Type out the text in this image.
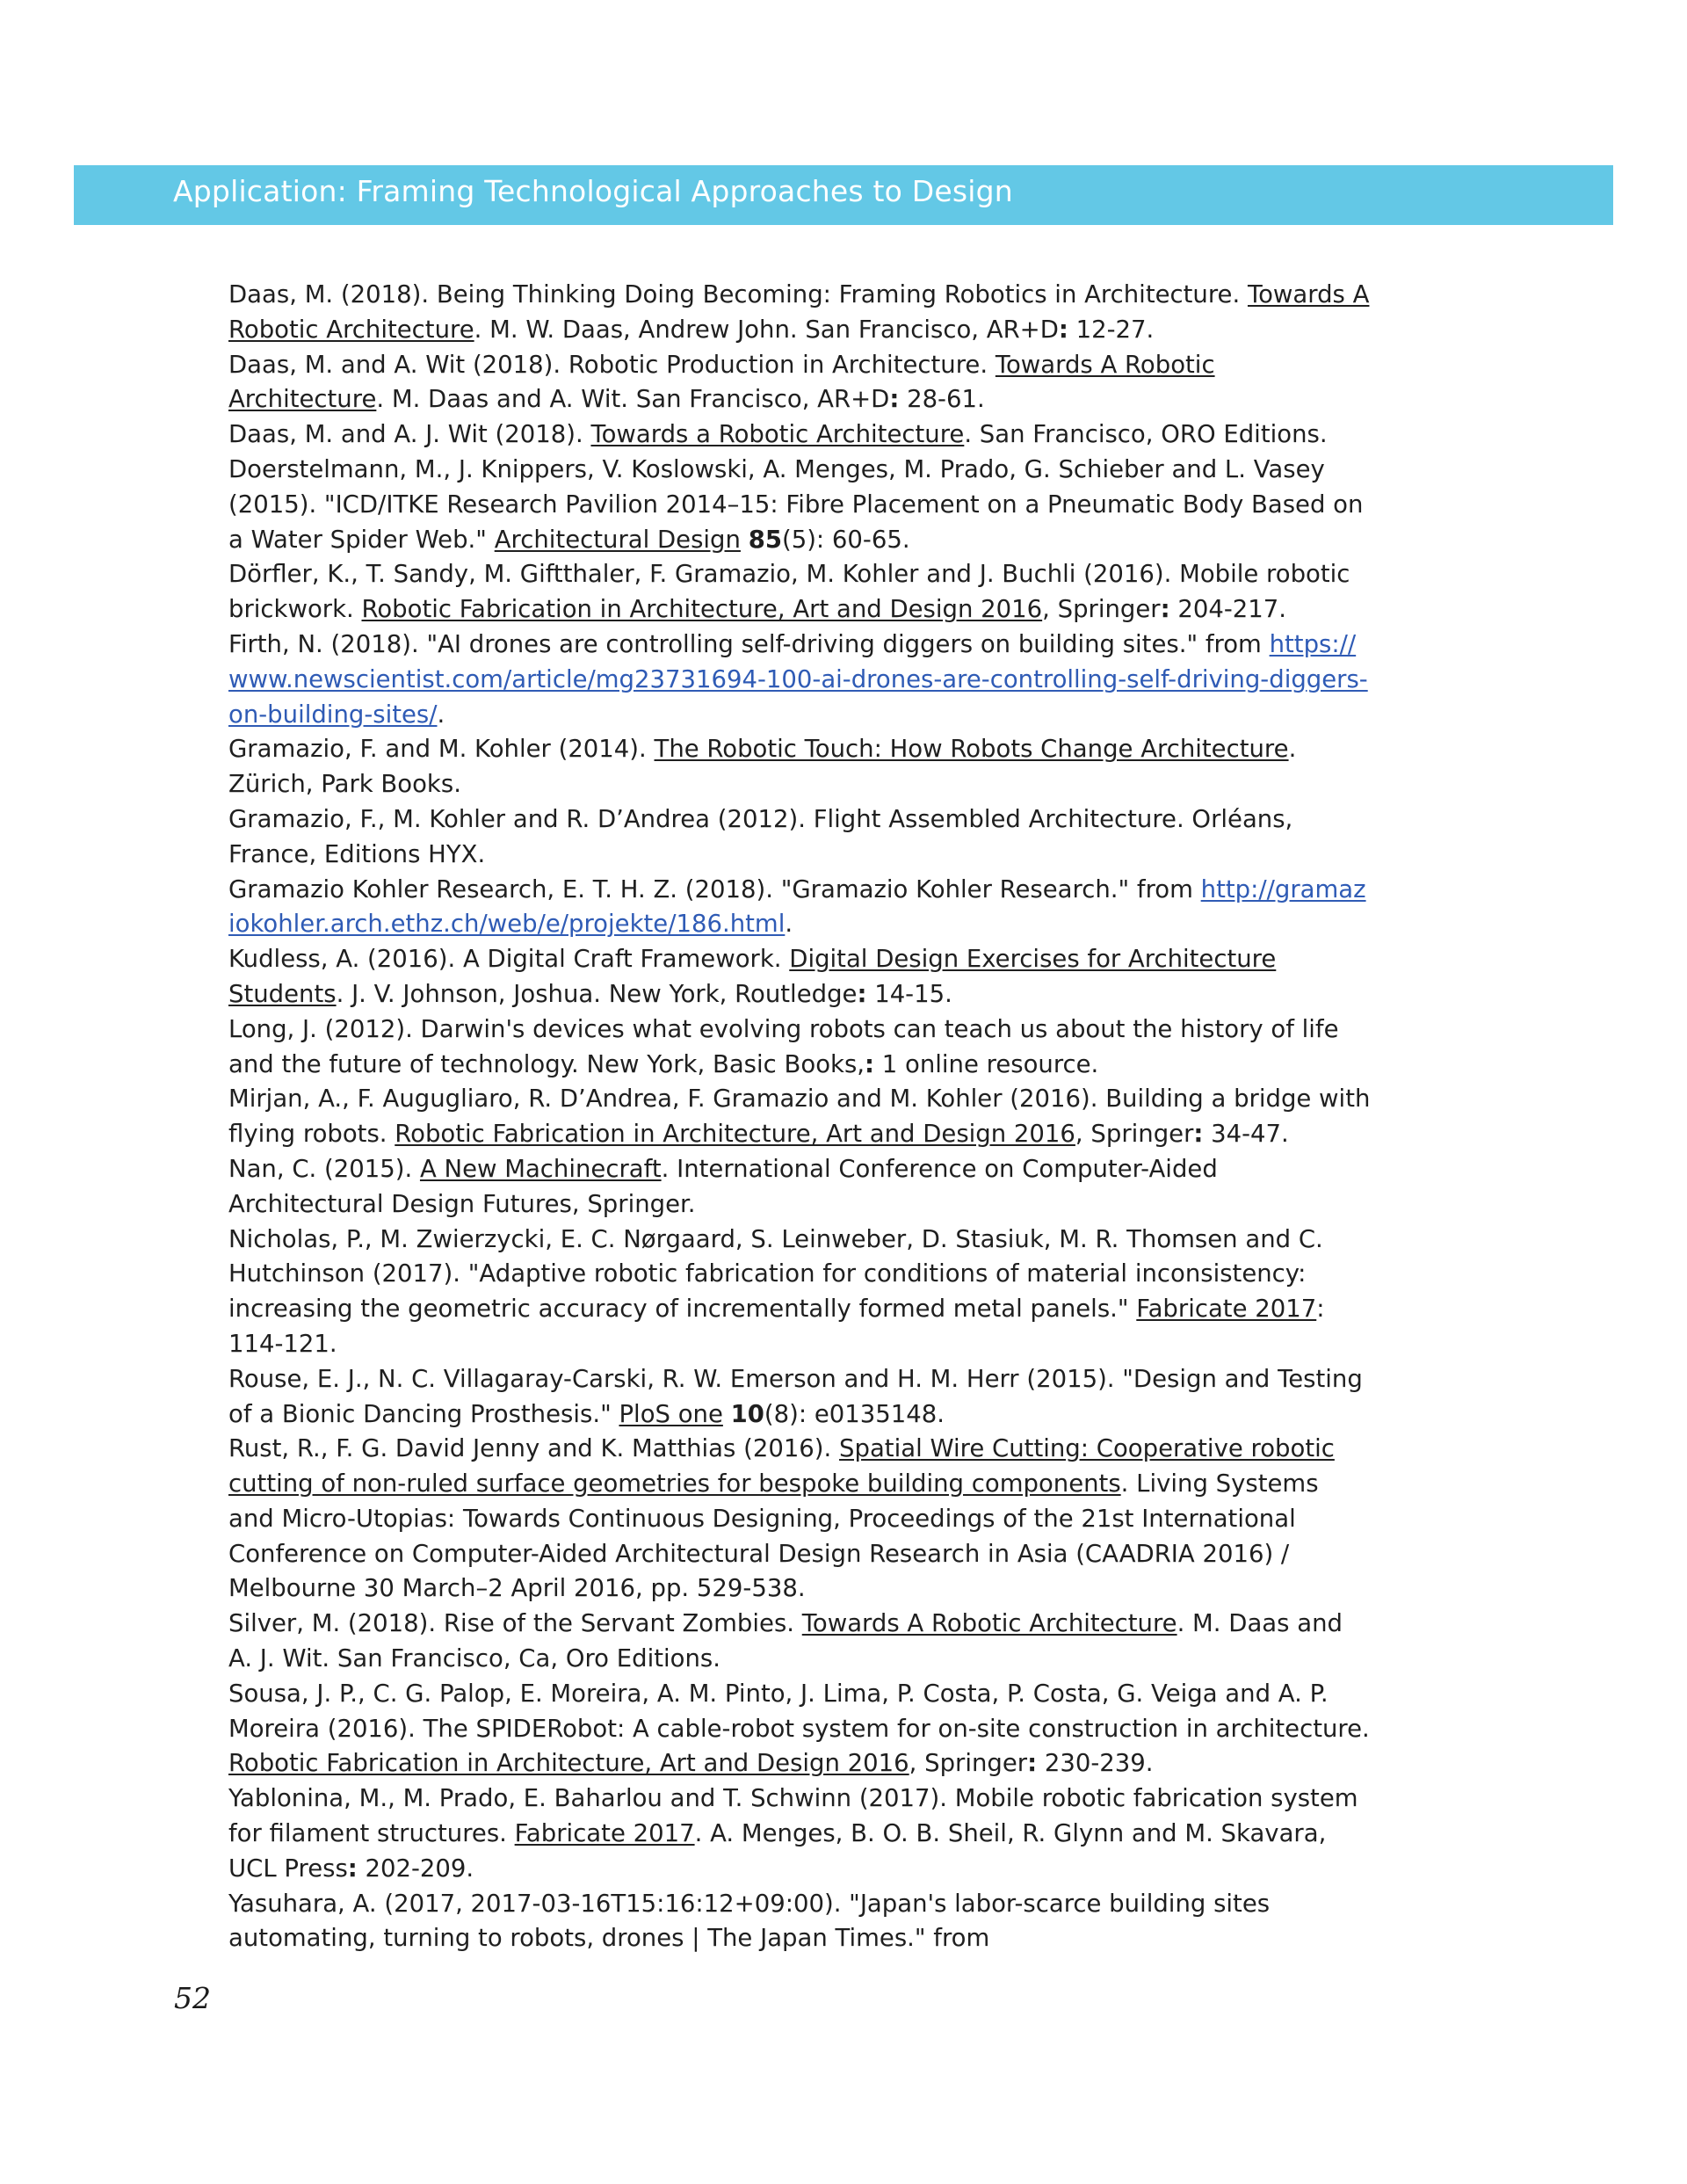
Application: Framing Technological Approaches to Design

Daas, M. (2018). Being Thinking Doing Becoming: Framing Robotics in Architecture. Towards A Robotic Architecture. M. W. Daas, Andrew John. San Francisco, AR+D: 12-27.

Daas, M. and A. Wit (2018). Robotic Production in Architecture. Towards A Robotic Architecture. M. Daas and A. Wit. San Francisco, AR+D: 28-61.

Daas, M. and A. J. Wit (2018). Towards a Robotic Architecture. San Francisco, ORO Editions.

Doerstelmann, M., J. Knippers, V. Koslowski, A. Menges, M. Prado, G. Schieber and L. Vasey (2015). "ICD/ITKE Research Pavilion 2014–15: Fibre Placement on a Pneumatic Body Based on a Water Spider Web." Architectural Design 85(5): 60-65.

Dörfler, K., T. Sandy, M. Giftthaler, F. Gramazio, M. Kohler and J. Buchli (2016). Mobile robotic brickwork. Robotic Fabrication in Architecture, Art and Design 2016, Springer: 204-217.

Firth, N. (2018). "AI drones are controlling self-driving diggers on building sites." from https://www.newscientist.com/article/mg23731694-100-ai-drones-are-controlling-self-driving-diggers-on-building-sites/.

Gramazio, F. and M. Kohler (2014). The Robotic Touch: How Robots Change Architecture. Zürich, Park Books.

Gramazio, F., M. Kohler and R. D’Andrea (2012). Flight Assembled Architecture. Orléans, France, Editions HYX.

Gramazio Kohler Research, E. T. H. Z. (2018). "Gramazio Kohler Research." from http://gramaziokohler.arch.ethz.ch/web/e/projekte/186.html.

Kudless, A. (2016). A Digital Craft Framework. Digital Design Exercises for Architecture Students. J. V. Johnson, Joshua. New York, Routledge: 14-15.

Long, J. (2012). Darwin's devices what evolving robots can teach us about the history of life and the future of technology. New York, Basic Books,: 1 online resource.

Mirjan, A., F. Augugliaro, R. D’Andrea, F. Gramazio and M. Kohler (2016). Building a bridge with flying robots. Robotic Fabrication in Architecture, Art and Design 2016, Springer: 34-47.

Nan, C. (2015). A New Machinecraft. International Conference on Computer-Aided Architectural Design Futures, Springer.

Nicholas, P., M. Zwierzycki, E. C. Nørgaard, S. Leinweber, D. Stasiuk, M. R. Thomsen and C. Hutchinson (2017). "Adaptive robotic fabrication for conditions of material inconsistency: increasing the geometric accuracy of incrementally formed metal panels." Fabricate 2017: 114-121.

Rouse, E. J., N. C. Villagaray-Carski, R. W. Emerson and H. M. Herr (2015). "Design and Testing of a Bionic Dancing Prosthesis." PloS one 10(8): e0135148.

Rust, R., F. G. David Jenny and K. Matthias (2016). Spatial Wire Cutting: Cooperative robotic cutting of non-ruled surface geometries for bespoke building components. Living Systems and Micro-Utopias: Towards Continuous Designing, Proceedings of the 21st International Conference on Computer-Aided Architectural Design Research in Asia (CAADRIA 2016) / Melbourne 30 March–2 April 2016, pp. 529-538.

Silver, M. (2018). Rise of the Servant Zombies. Towards A Robotic Architecture. M. Daas and A. J. Wit. San Francisco, Ca, Oro Editions.

Sousa, J. P., C. G. Palop, E. Moreira, A. M. Pinto, J. Lima, P. Costa, P. Costa, G. Veiga and A. P. Moreira (2016). The SPIDERobot: A cable-robot system for on-site construction in architecture. Robotic Fabrication in Architecture, Art and Design 2016, Springer: 230-239.

Yablonina, M., M. Prado, E. Baharlou and T. Schwinn (2017). Mobile robotic fabrication system for filament structures. Fabricate 2017. A. Menges, B. O. B. Sheil, R. Glynn and M. Skavara, UCL Press: 202-209.

Yasuhara, A. (2017, 2017-03-16T15:16:12+09:00). "Japan's labor-scarce building sites automating, turning to robots, drones | The Japan Times." from

52
